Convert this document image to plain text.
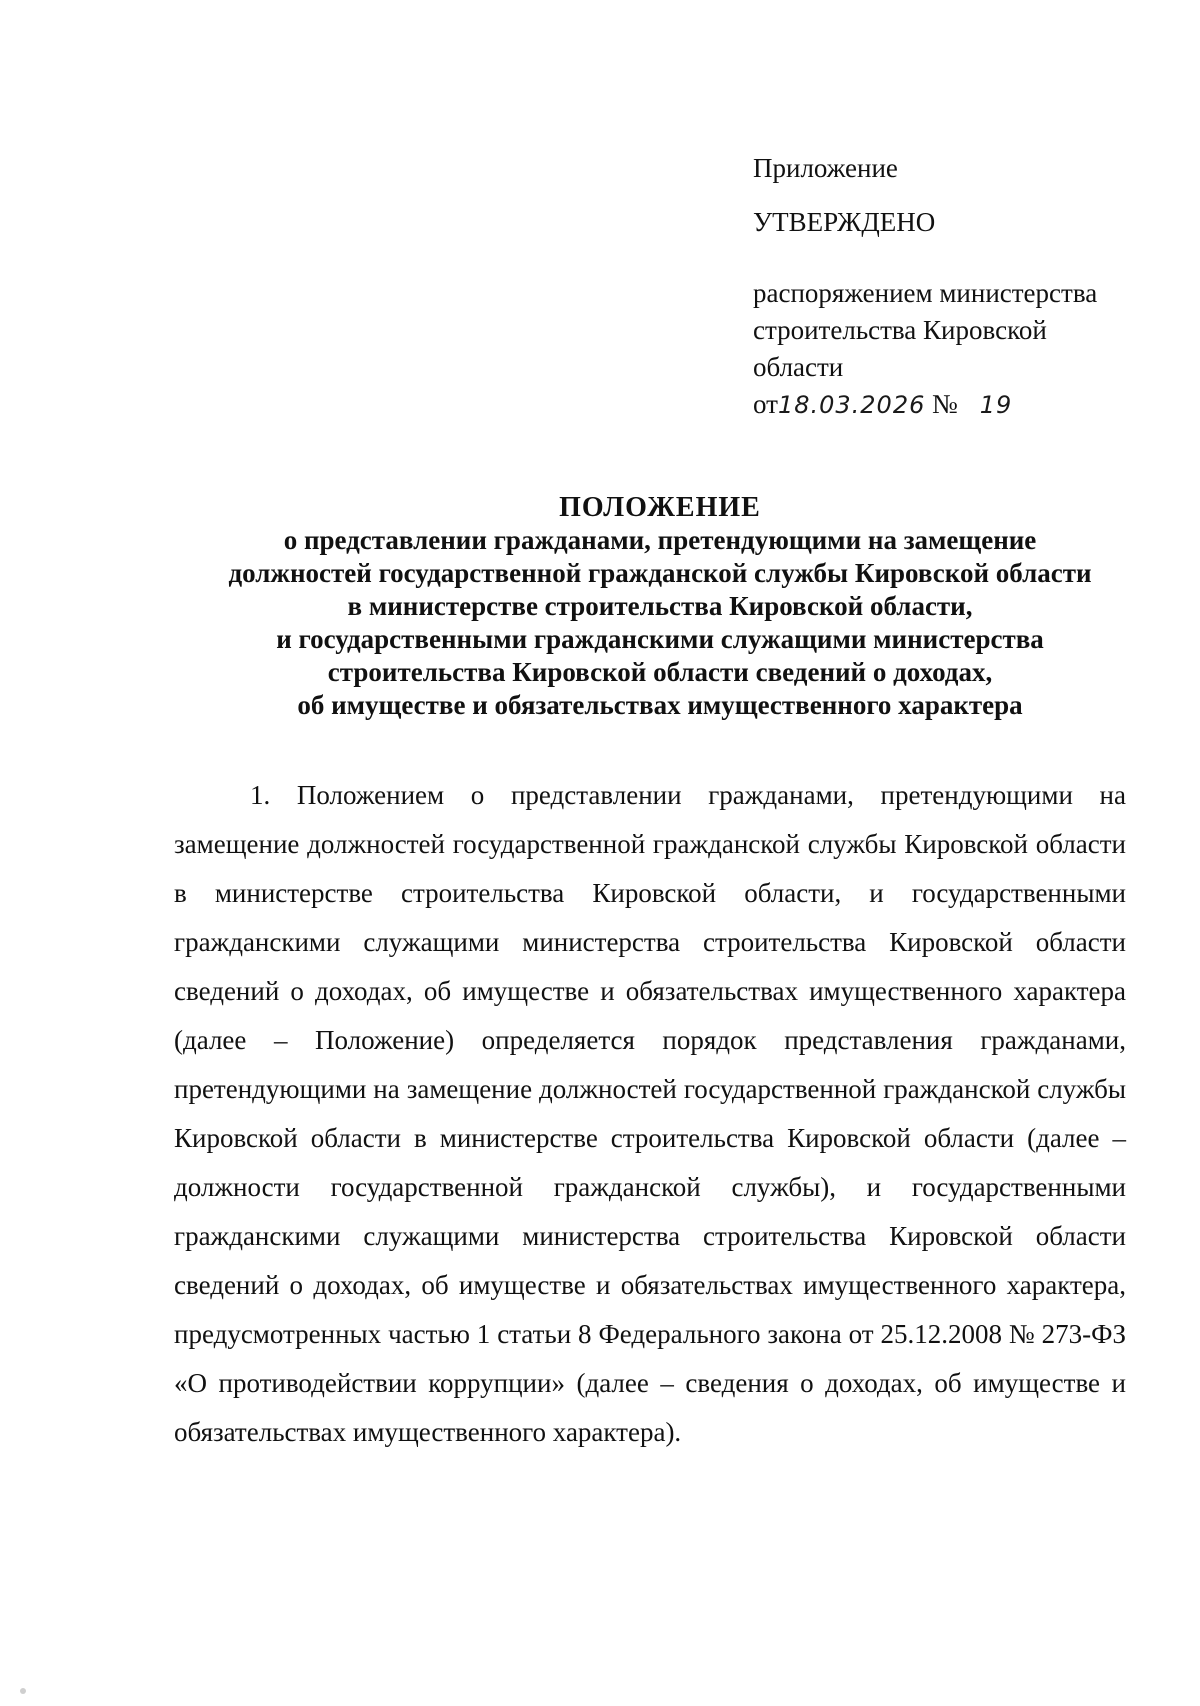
Приложение

УТВЕРЖДЕНО

распоряжением министерства
строительства Кировской
области

от18.03.2026 № 19

ПОЛОЖЕНИЕ
о представлении гражданами, претендующими на замещение
должностей государственной гражданской службы Кировской области
в министерстве строительства Кировской области,
и государственными гражданскими служащими министерства
строительства Кировской области сведений о доходах,
об имуществе и обязательствах имущественного характера

1. Положением о представлении гражданами, претендующими на замещение должностей государственной гражданской службы Кировской области в министерстве строительства Кировской области, и государственными гражданскими служащими министерства строительства Кировской области сведений о доходах, об имуществе и обязательствах имущественного характера (далее – Положение) определяется порядок представления гражданами, претендующими на замещение должностей государственной гражданской службы Кировской области в министерстве строительства Кировской области (далее – должности государственной гражданской службы), и государственными гражданскими служащими министерства строительства Кировской области сведений о доходах, об имуществе и обязательствах имущественного характера, предусмотренных частью 1 статьи 8 Федерального закона от 25.12.2008 № 273-ФЗ «О противодействии коррупции» (далее – сведения о доходах, об имуществе и обязательствах имущественного характера).
